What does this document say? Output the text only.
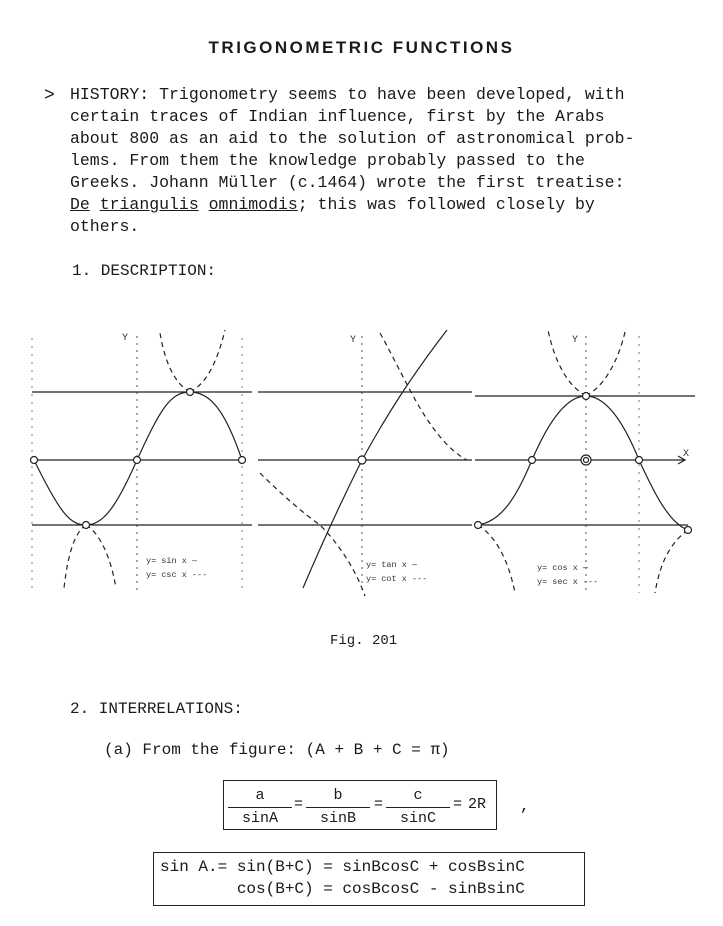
TRIGONOMETRIC FUNCTIONS
> HISTORY: Trigonometry seems to have been developed, with
certain traces of Indian influence, first by the Arabs
about 800 as an aid to the solution of astronomical prob-
lems. From them the knowledge probably passed to the
Greeks. Johann Müller (c.1464) wrote the first treatise:
De triangulis omnimodis; this was followed closely by
others.
1. DESCRIPTION:
Y	Y	Y
X
y= sin x —
y= csc x ---
y= tan x —
y= cot x ---
y= cos x —
y= sec x ---
Fig. 201
2. INTERRELATIONS:
(a) From the figure: (A + B + C = π)
$\frac{a}{\sin A} = \frac{b}{\sin B} = \frac{c}{\sin C} = 2R$ ,
sin A.= sin(B+C) = sinBcosC + cosBsinC
cos(B+C) = cosBcosC - sinBsinC
